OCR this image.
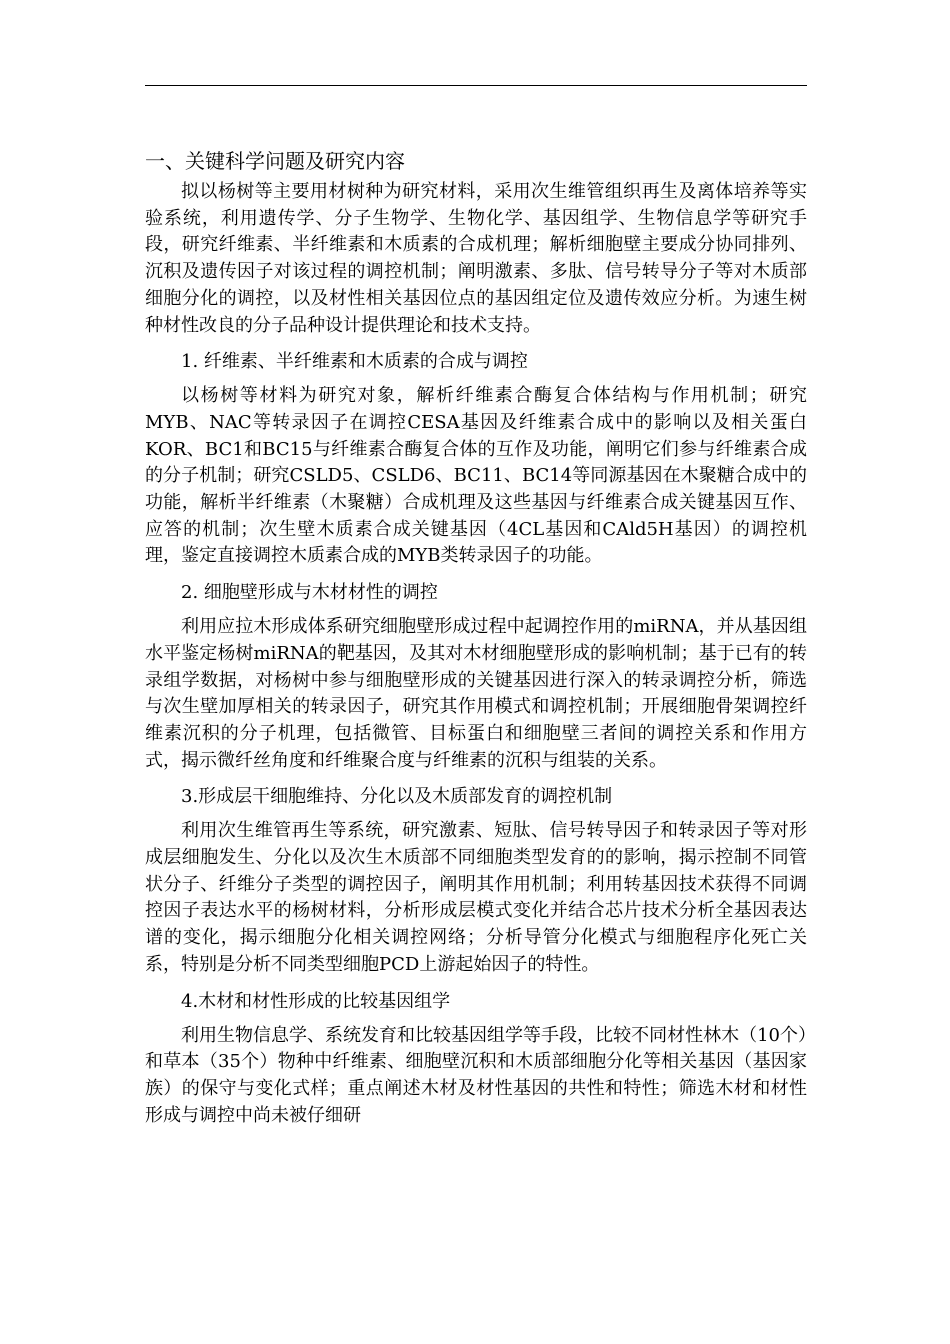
一、关键科学问题及研究内容

拟以杨树等主要用材树种为研究材料，采用次生维管组织再生及离体培养等实验系统，利用遗传学、分子生物学、生物化学、基因组学、生物信息学等研究手段，研究纤维素、半纤维素和木质素的合成机理；解析细胞壁主要成分协同排列、沉积及遗传因子对该过程的调控机制；阐明激素、多肽、信号转导分子等对木质部细胞分化的调控，以及材性相关基因位点的基因组定位及遗传效应分析。为速生树种材性改良的分子品种设计提供理论和技术支持。

1. 纤维素、半纤维素和木质素的合成与调控

以杨树等材料为研究对象，解析纤维素合酶复合体结构与作用机制；研究MYB、NAC等转录因子在调控CESA基因及纤维素合成中的影响以及相关蛋白KOR、BC1和BC15与纤维素合酶复合体的互作及功能，阐明它们参与纤维素合成的分子机制；研究CSLD5、CSLD6、BC11、BC14等同源基因在木聚糖合成中的功能，解析半纤维素（木聚糖）合成机理及这些基因与纤维素合成关键基因互作、应答的机制；次生壁木质素合成关键基因（4CL基因和CAld5H基因）的调控机理，鉴定直接调控木质素合成的MYB类转录因子的功能。

2. 细胞壁形成与木材材性的调控

利用应拉木形成体系研究细胞壁形成过程中起调控作用的miRNA，并从基因组水平鉴定杨树miRNA的靶基因，及其对木材细胞壁形成的影响机制；基于已有的转录组学数据，对杨树中参与细胞壁形成的关键基因进行深入的转录调控分析，筛选与次生壁加厚相关的转录因子，研究其作用模式和调控机制；开展细胞骨架调控纤维素沉积的分子机理，包括微管、目标蛋白和细胞壁三者间的调控关系和作用方式，揭示微纤丝角度和纤维聚合度与纤维素的沉积与组装的关系。

3.形成层干细胞维持、分化以及木质部发育的调控机制

利用次生维管再生等系统，研究激素、短肽、信号转导因子和转录因子等对形成层细胞发生、分化以及次生木质部不同细胞类型发育的的影响，揭示控制不同管状分子、纤维分子类型的调控因子，阐明其作用机制；利用转基因技术获得不同调控因子表达水平的杨树材料，分析形成层模式变化并结合芯片技术分析全基因表达谱的变化，揭示细胞分化相关调控网络；分析导管分化模式与细胞程序化死亡关系，特别是分析不同类型细胞PCD上游起始因子的特性。

4.木材和材性形成的比较基因组学

利用生物信息学、系统发育和比较基因组学等手段，比较不同材性林木（10个）和草本（35个）物种中纤维素、细胞壁沉积和木质部细胞分化等相关基因（基因家族）的保守与变化式样；重点阐述木材及材性基因的共性和特性；筛选木材和材性形成与调控中尚未被仔细研
